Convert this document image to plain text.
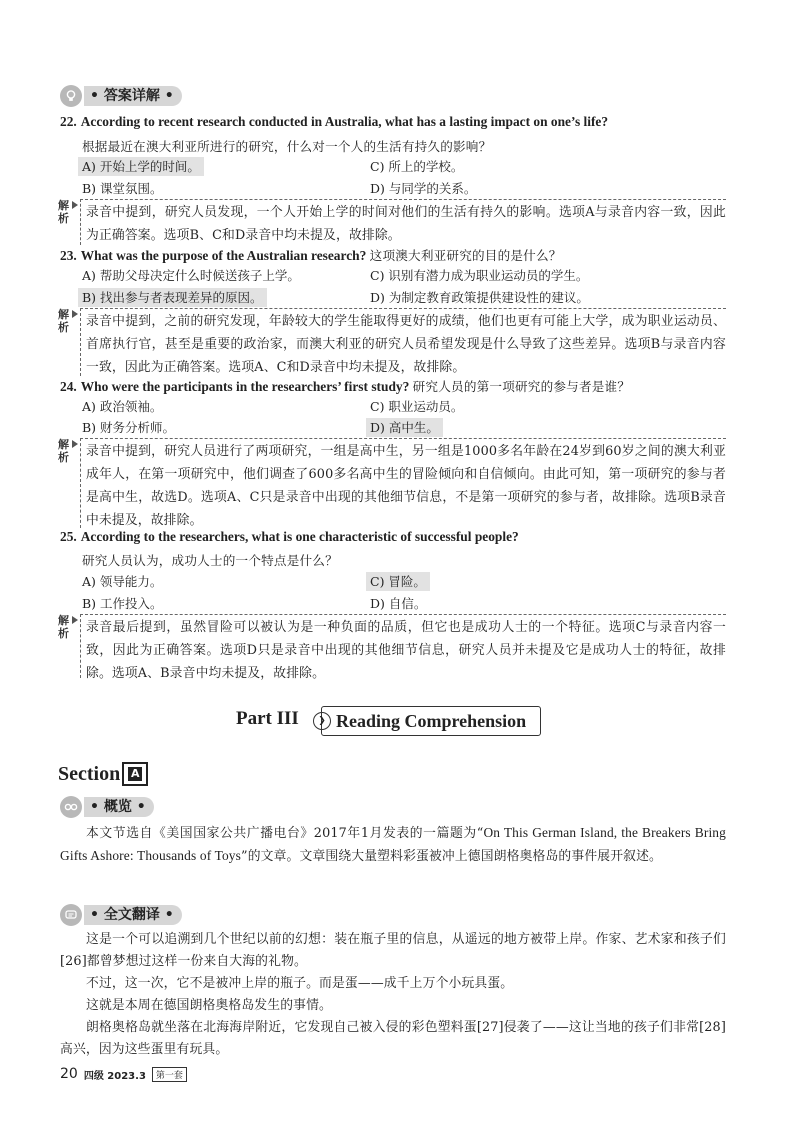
• 答案详解 •
22. According to recent research conducted in Australia, what has a lasting impact on one’s life?
根据最近在澳大利亚所进行的研究，什么对一个人的生活有持久的影响？
A) 开始上学的时间。	C) 所上的学校。
B) 课堂氛围。	D) 与同学的关系。
解析 录音中提到，研究人员发现，一个人开始上学的时间对他们的生活有持久的影响。选项A与录音内容一致，因此为正确答案。选项B、C和D录音中均未提及，故排除。
23. What was the purpose of the Australian research? 这项澳大利亚研究的目的是什么？
A) 帮助父母决定什么时候送孩子上学。	C) 识别有潜力成为职业运动员的学生。
B) 找出参与者表现差异的原因。	D) 为制定教育政策提供建设性的建议。
解析 录音中提到，之前的研究发现，年龄较大的学生能取得更好的成绩，他们也更有可能上大学，成为职业运动员、首席执行官，甚至是重要的政治家，而澳大利亚的研究人员希望发现是什么导致了这些差异。选项B与录音内容一致，因此为正确答案。选项A、C和D录音中均未提及，故排除。
24. Who were the participants in the researchers’ first study? 研究人员的第一项研究的参与者是谁？
A) 政治领袖。	C) 职业运动员。
B) 财务分析师。	D) 高中生。
解析 录音中提到，研究人员进行了两项研究，一组是高中生，另一组是1000多名年龄在24岁到60岁之间的澳大利亚成年人，在第一项研究中，他们调查了600多名高中生的冒险倾向和自信倾向。由此可知，第一项研究的参与者是高中生，故选D。选项A、C只是录音中出现的其他细节信息，不是第一项研究的参与者，故排除。选项B录音中未提及，故排除。
25. According to the researchers, what is one characteristic of successful people?
研究人员认为，成功人士的一个特点是什么？
A) 领导能力。	C) 冒险。
B) 工作投入。	D) 自信。
解析 录音最后提到，虽然冒险可以被认为是一种负面的品质，但它也是成功人士的一个特征。选项C与录音内容一致，因此为正确答案。选项D只是录音中出现的其他细节信息，研究人员并未提及它是成功人士的特征，故排除。选项A、B录音中均未提及，故排除。
Part III	Reading Comprehension
❯
Section A
• 概览 •
本文节选自《美国国家公共广播电台》2017年1月发表的一篇题为“On This German Island, the Breakers Bring Gifts Ashore: Thousands of Toys”的文章。文章围绕大量塑料彩蛋被冲上德国朗格奥格岛的事件展开叙述。
• 全文翻译 •
这是一个可以追溯到几个世纪以前的幻想：装在瓶子里的信息，从遥远的地方被带上岸。作家、艺术家和孩子们[26]都曾梦想过这样一份来自大海的礼物。
不过，这一次，它不是被冲上岸的瓶子。而是蛋——成千上万个小玩具蛋。
这就是本周在德国朗格奥格岛发生的事情。
朗格奥格岛就坐落在北海海岸附近，它发现自己被入侵的彩色塑料蛋[27]侵袭了——这让当地的孩子们非常[28]高兴，因为这些蛋里有玩具。
20 四级 2023.3	第一套
